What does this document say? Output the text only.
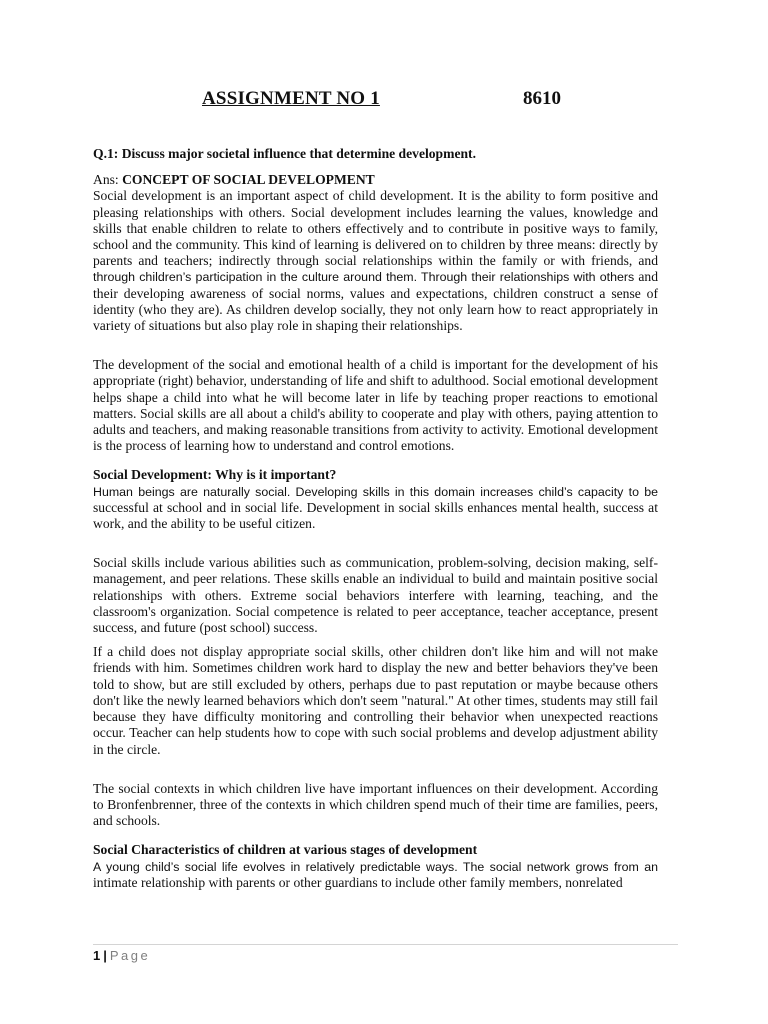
ASSIGNMENT NO 1	8610

Q.1: Discuss major societal influence that determine development.

Ans: CONCEPT OF SOCIAL DEVELOPMENT

Social development is an important aspect of child development. It is the ability to form positive and pleasing relationships with others. Social development includes learning the values, knowledge and skills that enable children to relate to others effectively and to contribute in positive ways to family, school and the community. This kind of learning is delivered on to children by three means: directly by parents and teachers; indirectly through social relationships within the family or with friends, and through children’s participation in the culture around them. Through their relationships with others and their developing awareness of social norms, values and expectations, children construct a sense of identity (who they are). As children develop socially, they not only learn how to react appropriately in variety of situations but also play role in shaping their relationships.

The development of the social and emotional health of a child is important for the development of his appropriate (right) behavior, understanding of life and shift to adulthood. Social emotional development helps shape a child into what he will become later in life by teaching proper reactions to emotional matters. Social skills are all about a child's ability to cooperate and play with others, paying attention to adults and teachers, and making reasonable transitions from activity to activity. Emotional development is the process of learning how to understand and control emotions.

Social Development: Why is it important?

Human beings are naturally social. Developing skills in this domain increases child’s capacity to be successful at school and in social life. Development in social skills enhances mental health, success at work, and the ability to be useful citizen.

Social skills include various abilities such as communication, problem-solving, decision making, self-management, and peer relations. These skills enable an individual to build and maintain positive social relationships with others. Extreme social behaviors interfere with learning, teaching, and the classroom's organization. Social competence is related to peer acceptance, teacher acceptance, present success, and future (post school) success.

If a child does not display appropriate social skills, other children don't like him and will not make friends with him. Sometimes children work hard to display the new and better behaviors they've been told to show, but are still excluded by others, perhaps due to past reputation or maybe because others don't like the newly learned behaviors which don't seem "natural." At other times, students may still fail because they have difficulty monitoring and controlling their behavior when unexpected reactions occur. Teacher can help students how to cope with such social problems and develop adjustment ability in the circle.

The social contexts in which children live have important influences on their development. According to Bronfenbrenner, three of the contexts in which children spend much of their time are families, peers, and schools.

Social Characteristics of children at various stages of development

A young child’s social life evolves in relatively predictable ways. The social network grows from an intimate relationship with parents or other guardians to include other family members, nonrelated

1 | Page
